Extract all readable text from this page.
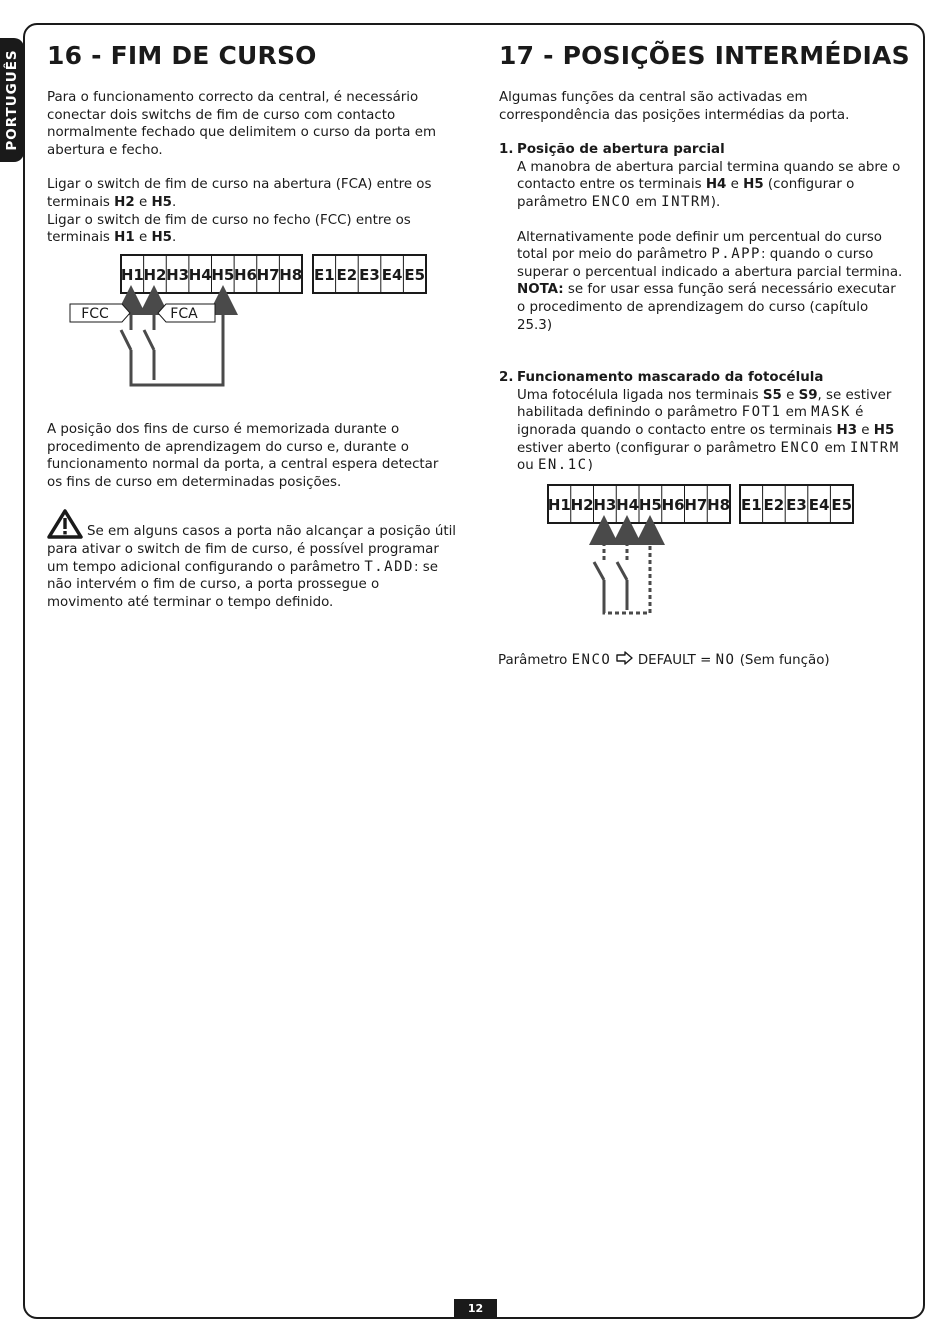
PORTUGUÊS 16 - FIM DE CURSO

Para o funcionamento correcto da central, é necessário conectar dois switchs de fim de curso com contacto normalmente fechado que delimitem o curso da porta em abertura e fecho.

Ligar o switch de fim de curso na abertura (FCA) entre os terminais H2 e H5.

Ligar o switch de fim de curso no fecho (FCC) entre os terminais H1 e H5.

H1 H2 H3 H4 H5 H6 H7 H8 E1 E2 E3 E4 E5
FCC	FCA

A posição dos fins de curso é memorizada durante o procedimento de aprendizagem do curso e, durante o funcionamento normal da porta, a central espera detectar os fins de curso em determinadas posições.

Se em alguns casos a porta não alcançar a posição útil para ativar o switch de fim de curso, é possível programar um tempo adicional configurando o parâmetro T.ADD: se não intervém o fim de curso, a porta prossegue o movimento até terminar o tempo definido.

17 - POSIÇÕES INTERMÉDIAS

Algumas funções da central são activadas em correspondência das posições intermédias da porta.

1. Posição de abertura parcial

A manobra de abertura parcial termina quando se abre o contacto entre os terminais H4 e H5 (configurar o parâmetro ENCO em INTRM).

Alternativamente pode definir um percentual do curso total por meio do parâmetro P.APP: quando o curso superar o percentual indicado a abertura parcial termina.

NOTA: se for usar essa função será necessário executar o procedimento de aprendizagem do curso (capítulo 25.3)

2. Funcionamento mascarado da fotocélula

Uma fotocélula ligada nos terminais S5 e S9, se estiver habilitada definindo o parâmetro FOT1 em MASK é ignorada quando o contacto entre os terminais H3 e H5 estiver aberto (configurar o parâmetro ENCO em INTRM ou EN.1C)

H1 H2 H3 H4 H5 H6 H7 H8 E1 E2 E3 E4 E5
Parâmetro ENCO  DEFAULT = NO (Sem função)
12
